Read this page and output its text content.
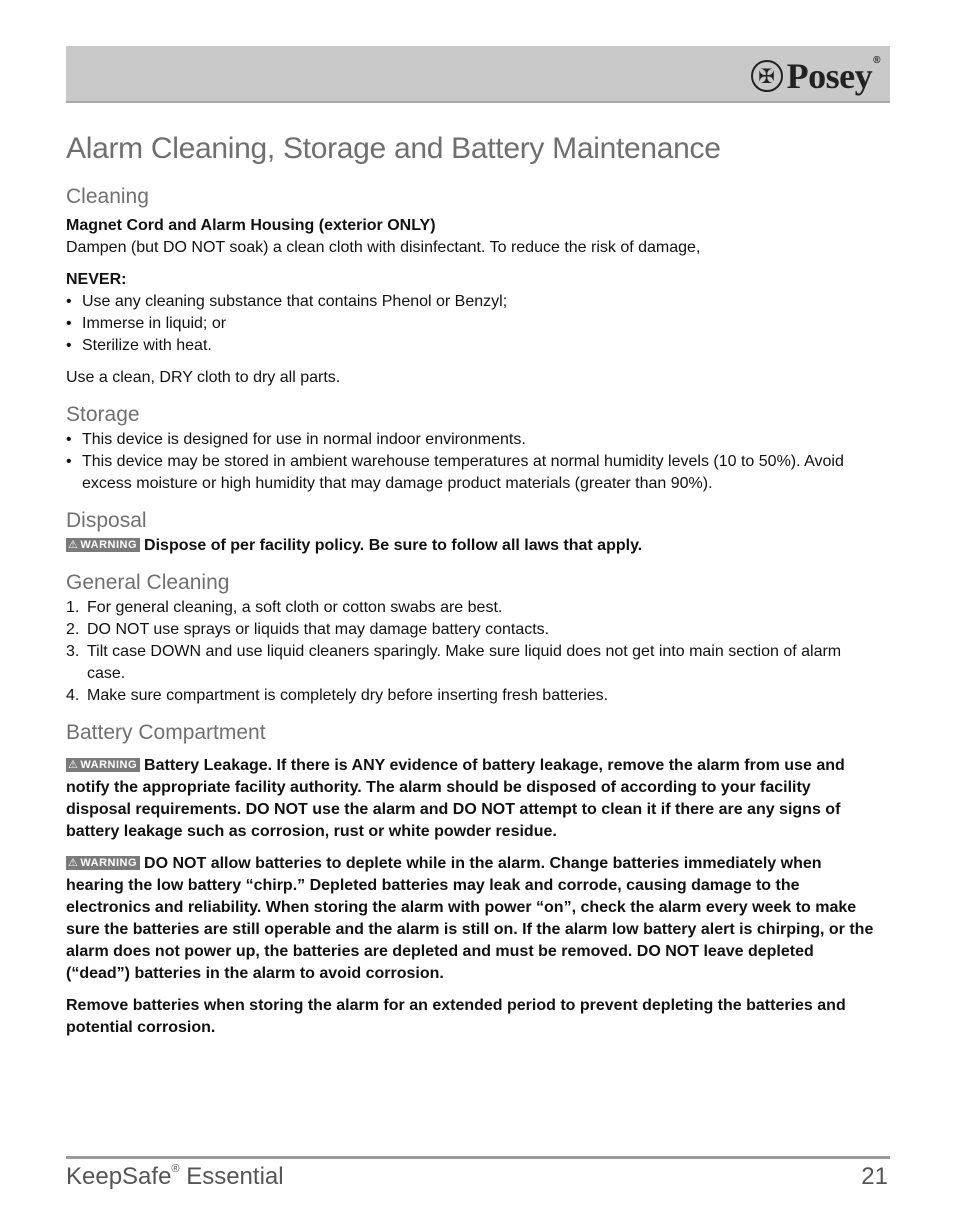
✠ Posey®
Alarm Cleaning, Storage and Battery Maintenance
Cleaning

Magnet Cord and Alarm Housing (exterior ONLY)

Dampen (but DO NOT soak) a clean cloth with disinfectant. To reduce the risk of damage,

NEVER:

• Use any cleaning substance that contains Phenol or Benzyl;
• Immerse in liquid; or
• Sterilize with heat.

Use a clean, DRY cloth to dry all parts.

Storage
• This device is designed for use in normal indoor environments.
• This device may be stored in ambient warehouse temperatures at normal humidity levels (10 to 50%). Avoid excess moisture or high humidity that may damage product materials (greater than 90%).
Disposal

⚠ WARNING Dispose of per facility policy. Be sure to follow all laws that apply.

General Cleaning
1. For general cleaning, a soft cloth or cotton swabs are best.
2. DO NOT use sprays or liquids that may damage battery contacts.
3. Tilt case DOWN and use liquid cleaners sparingly. Make sure liquid does not get into main section of alarm case.
4. Make sure compartment is completely dry before inserting fresh batteries.
Battery Compartment

⚠ WARNING Battery Leakage. If there is ANY evidence of battery leakage, remove the alarm from use and notify the appropriate facility authority. The alarm should be disposed of according to your facility disposal requirements. DO NOT use the alarm and DO NOT attempt to clean it if there are any signs of battery leakage such as corrosion, rust or white powder residue.

⚠ WARNING DO NOT allow batteries to deplete while in the alarm. Change batteries immediately when hearing the low battery “chirp.” Depleted batteries may leak and corrode, causing damage to the electronics and reliability. When storing the alarm with power “on”, check the alarm every week to make sure the batteries are still operable and the alarm is still on. If the alarm low battery alert is chirping, or the alarm does not power up, the batteries are depleted and must be removed. DO NOT leave depleted (“dead”) batteries in the alarm to avoid corrosion.

Remove batteries when storing the alarm for an extended period to prevent depleting the batteries and potential corrosion.

KeepSafe® Essential	21
